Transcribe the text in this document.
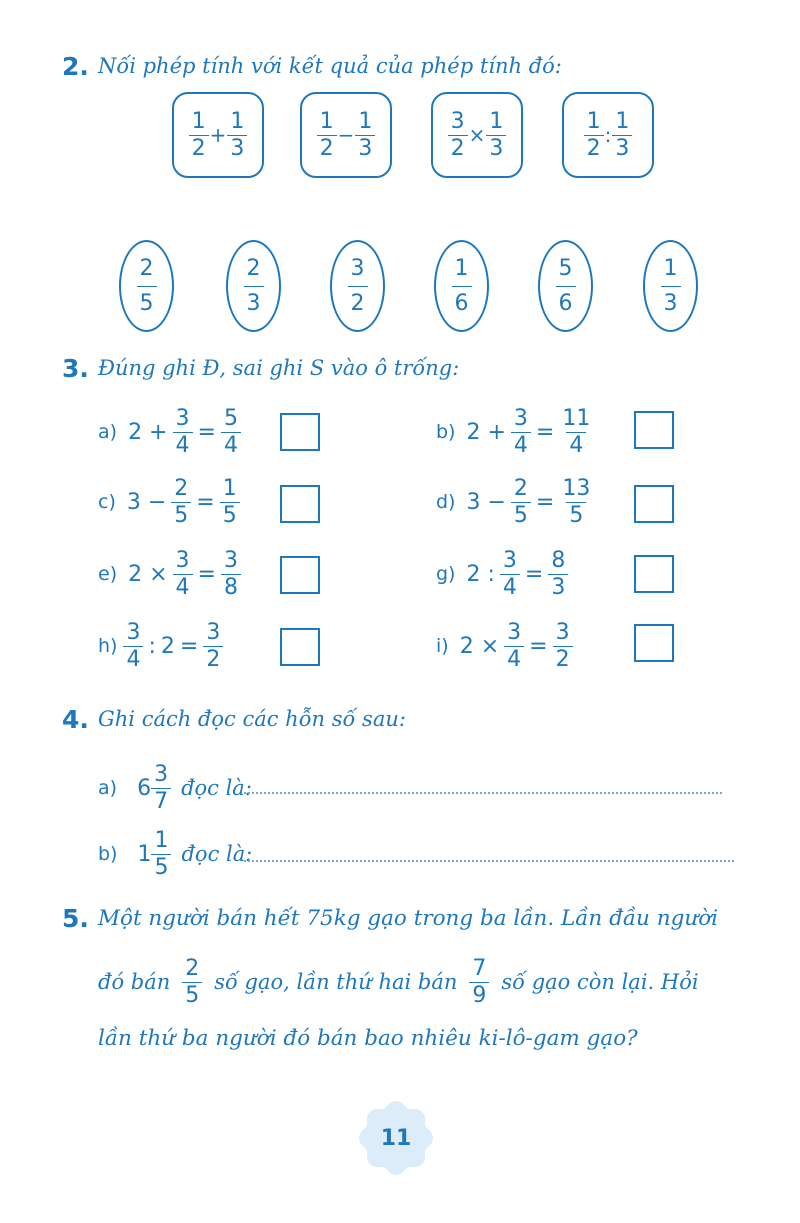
2. Nối phép tính với kết quả của phép tính đó:
$\frac{1}{2} + \frac{1}{3}$	$\frac{1}{2} - \frac{1}{3}$	$\frac{3}{2} \times \frac{1}{3}$	$\frac{1}{2}$ : $\frac{1}{3}$
$\frac{2}{5}$	$\frac{2}{3}$	$\frac{3}{2}$	$\frac{1}{6}$	$\frac{5}{6}$	$\frac{1}{3}$
3. Đúng ghi Đ, sai ghi S vào ô trống:
a) $2 + \frac{3}{4} = \frac{5}{4}$	b) $2 + \frac{3}{4} = \frac{11}{4}$
c) $3 - \frac{2}{5} = \frac{1}{5}$	d) $3 - \frac{2}{5} = \frac{13}{5}$
e) $2 \times \frac{3}{4} = \frac{3}{8}$	g) 2 : $\frac{3}{4} = \frac{8}{3}$
$h) \frac{3}{4}$ : $2 = \frac{3}{2}$	i) $2 \times \frac{3}{4} = \frac{3}{2}$
4. Ghi cách đọc các hỗn số sau:
a) $6 \frac{3}{7}$ đọc là:
b) $1 \frac{1}{5}$ đọc là:
5. Một người bán hết 75kg gạo trong ba lần. Lần đầu người
đó bán $\frac{2}{5}$ số gạo, lần thứ hai bán $\frac{7}{9}$ số gạo còn lại. Hỏi
lần thứ ba người đó bán bao nhiêu ki-lô-gam gạo?
11
